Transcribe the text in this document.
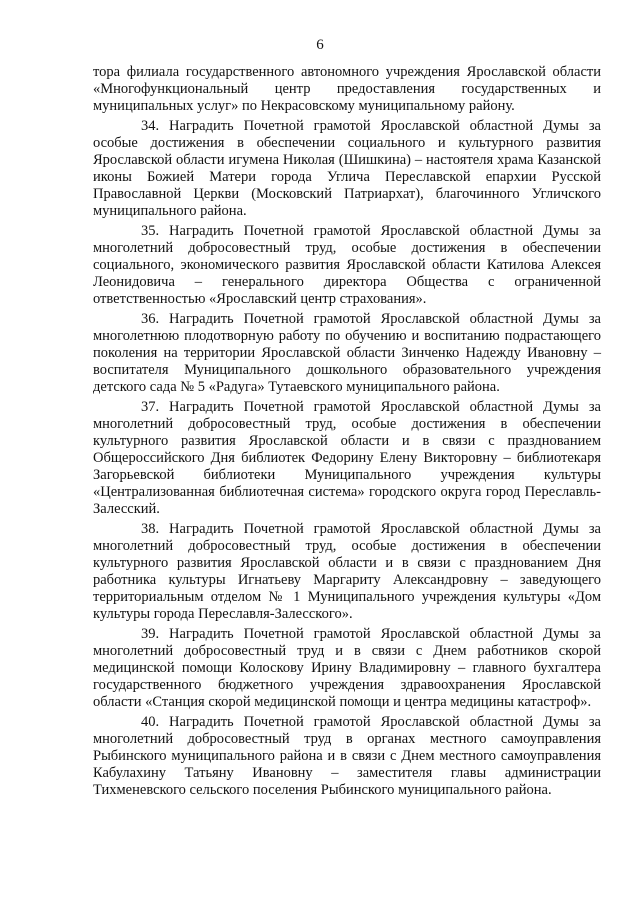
6

тора филиала государственного автономного учреждения Ярославской области «Многофункциональный центр предоставления государственных и муниципальных услуг» по Некрасовскому муниципальному району.

34. Наградить Почетной грамотой Ярославской областной Думы за особые достижения в обеспечении социального и культурного развития Ярославской области игумена Николая (Шишкина) – настоятеля храма Казанской иконы Божией Матери города Углича Переславской епархии Русской Православной Церкви (Московский Патриархат), благочинного Угличского муниципального района.

35. Наградить Почетной грамотой Ярославской областной Думы за многолетний добросовестный труд, особые достижения в обеспечении социального, экономического развития Ярославской области Катилова Алексея Леонидовича – генерального директора Общества с ограниченной ответственностью «Ярославский центр страхования».

36. Наградить Почетной грамотой Ярославской областной Думы за многолетнюю плодотворную работу по обучению и воспитанию подрастающего поколения на территории Ярославской области Зинченко Надежду Ивановну – воспитателя Муниципального дошкольного образовательного учреждения детского сада № 5 «Радуга» Тутаевского муниципального района.

37. Наградить Почетной грамотой Ярославской областной Думы за многолетний добросовестный труд, особые достижения в обеспечении культурного развития Ярославской области и в связи с празднованием Общероссийского Дня библиотек Федорину Елену Викторовну – библиотекаря Загорьевской библиотеки Муниципального учреждения культуры «Централизованная библиотечная система» городского округа город Переславль-Залесский.

38. Наградить Почетной грамотой Ярославской областной Думы за многолетний добросовестный труд, особые достижения в обеспечении культурного развития Ярославской области и в связи с празднованием Дня работника культуры Игнатьеву Маргариту Александровну – заведующего территориальным отделом № 1 Муниципального учреждения культуры «Дом культуры города Переславля-Залесского».

39. Наградить Почетной грамотой Ярославской областной Думы за многолетний добросовестный труд и в связи с Днем работников скорой медицинской помощи Колоскову Ирину Владимировну – главного бухгалтера государственного бюджетного учреждения здравоохранения Ярославской области «Станция скорой медицинской помощи и центра медицины катастроф».

40. Наградить Почетной грамотой Ярославской областной Думы за многолетний добросовестный труд в органах местного самоуправления Рыбинского муниципального района и в связи с Днем местного самоуправления Кабулахину Татьяну Ивановну – заместителя главы администрации Тихменевского сельского поселения Рыбинского муниципального района.
